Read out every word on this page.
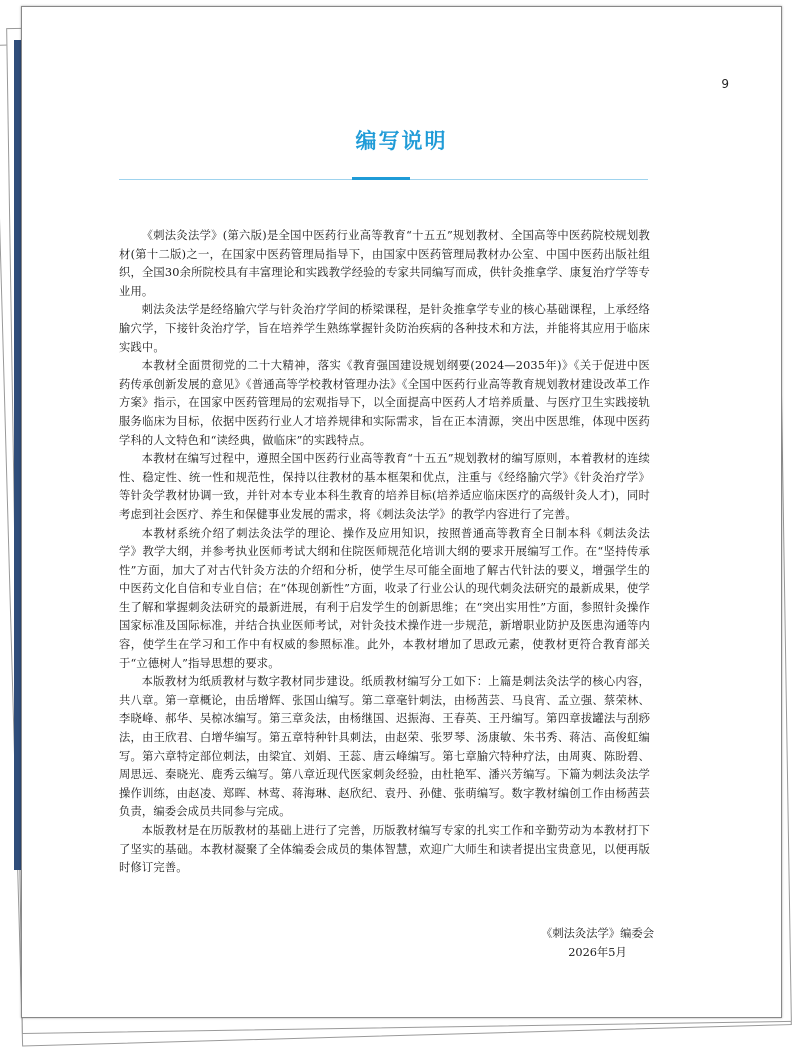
9
编写说明

《刺法灸法学》(第六版)是全国中医药行业高等教育“十五五”规划教材、全国高等中医药院校规划教材(第十二版)之一，在国家中医药管理局指导下，由国家中医药管理局教材办公室、中国中医药出版社组织，全国30余所院校具有丰富理论和实践教学经验的专家共同编写而成，供针灸推拿学、康复治疗学等专业用。

刺法灸法学是经络腧穴学与针灸治疗学间的桥梁课程，是针灸推拿学专业的核心基础课程，上承经络腧穴学，下接针灸治疗学，旨在培养学生熟练掌握针灸防治疾病的各种技术和方法，并能将其应用于临床实践中。

本教材全面贯彻党的二十大精神，落实《教育强国建设规划纲要(2024—2035年)》《关于促进中医药传承创新发展的意见》《普通高等学校教材管理办法》《全国中医药行业高等教育规划教材建设改革工作方案》指示，在国家中医药管理局的宏观指导下，以全面提高中医药人才培养质量、与医疗卫生实践接轨服务临床为目标，依据中医药行业人才培养规律和实际需求，旨在正本清源，突出中医思维，体现中医药学科的人文特色和“读经典，做临床”的实践特点。

本教材在编写过程中，遵照全国中医药行业高等教育“十五五”规划教材的编写原则，本着教材的连续性、稳定性、统一性和规范性，保持以往教材的基本框架和优点，注重与《经络腧穴学》《针灸治疗学》等针灸学教材协调一致，并针对本专业本科生教育的培养目标(培养适应临床医疗的高级针灸人才)，同时考虑到社会医疗、养生和保健事业发展的需求，将《刺法灸法学》的教学内容进行了完善。

本教材系统介绍了刺法灸法学的理论、操作及应用知识，按照普通高等教育全日制本科《刺法灸法学》教学大纲，并参考执业医师考试大纲和住院医师规范化培训大纲的要求开展编写工作。在“坚持传承性”方面，加大了对古代针灸方法的介绍和分析，使学生尽可能全面地了解古代针法的要义，增强学生的中医药文化自信和专业自信；在“体现创新性”方面，收录了行业公认的现代刺灸法研究的最新成果，使学生了解和掌握刺灸法研究的最新进展，有利于启发学生的创新思维；在“突出实用性”方面，参照针灸操作国家标准及国际标准，并结合执业医师考试，对针灸技术操作进一步规范，新增职业防护及医患沟通等内容，使学生在学习和工作中有权威的参照标准。此外，本教材增加了思政元素，使教材更符合教育部关于“立德树人”指导思想的要求。

本版教材为纸质教材与数字教材同步建设。纸质教材编写分工如下：上篇是刺法灸法学的核心内容，共八章。第一章概论，由岳增辉、张国山编写。第二章毫针刺法，由杨茜芸、马良宵、孟立强、蔡荣林、李晓峰、郝华、吴椋冰编写。第三章灸法，由杨继国、迟振海、王春英、王丹编写。第四章拔罐法与刮痧法，由王欣君、白增华编写。第五章特种针具刺法，由赵荣、张罗琴、汤康敏、朱书秀、蒋洁、高俊虹编写。第六章特定部位刺法，由梁宜、刘娟、王蕊、唐云峰编写。第七章腧穴特种疗法，由周爽、陈盼碧、周思远、秦晓光、鹿秀云编写。第八章近现代医家刺灸经验，由杜艳军、潘兴芳编写。下篇为刺法灸法学操作训练，由赵凌、郑晖、林莺、蒋海琳、赵欣纪、袁丹、孙健、张萌编写。数字教材编创工作由杨茜芸负责，编委会成员共同参与完成。

本版教材是在历版教材的基础上进行了完善，历版教材编写专家的扎实工作和辛勤劳动为本教材打下了坚实的基础。本教材凝聚了全体编委会成员的集体智慧，欢迎广大师生和读者提出宝贵意见，以便再版时修订完善。

《刺法灸法学》编委会
2026年5月
